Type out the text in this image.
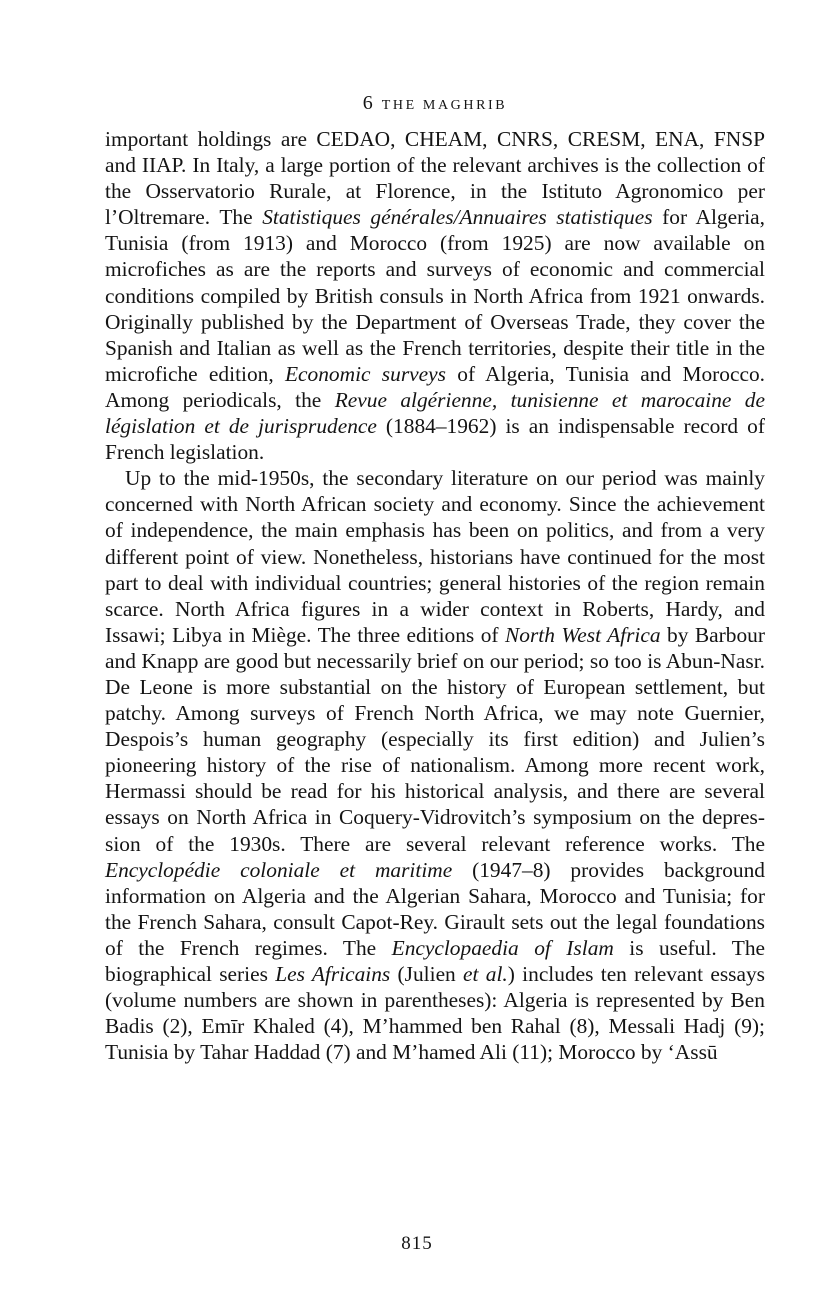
6 THE MAGHRIB

important holdings are CEDAO, CHEAM, CNRS, CRESM, ENA, FNSP and IIAP. In Italy, a large portion of the relevant archives is the collection of the Osservatorio Rurale, at Florence, in the Istituto Agronomico per l’Oltremare. The Statistiques générales/Annuaires statistiques for Algeria, Tunisia (from 1913) and Morocco (from 1925) are now available on microfiches as are the reports and surveys of economic and commercial conditions compiled by British consuls in North Africa from 1921 onwards. Originally published by the Department of Overseas Trade, they cover the Spanish and Italian as well as the French territories, despite their title in the microfiche edition, Economic surveys of Algeria, Tunisia and Morocco. Among periodicals, the Revue algérienne, tunisienne et marocaine de législation et de jurisprudence (1884–1962) is an indispensable record of French legislation.

Up to the mid-1950s, the secondary literature on our period was mainly concerned with North African society and economy. Since the achievement of independence, the main emphasis has been on politics, and from a very different point of view. Nonetheless, historians have continued for the most part to deal with individual countries; general histories of the region remain scarce. North Africa figures in a wider context in Roberts, Hardy, and Issawi; Libya in Miège. The three editions of North West Africa by Barbour and Knapp are good but necessarily brief on our period; so too is Abun-Nasr. De Leone is more substantial on the history of European settlement, but patchy. Among surveys of French North Africa, we may note Guernier, Despois’s human geography (especially its first edition) and Julien’s pioneering history of the rise of nationalism. Among more recent work, Hermassi should be read for his historical analysis, and there are several essays on North Africa in Coquery-Vidrovitch’s symposium on the depression of the 1930s. There are several relevant reference works. The Encyclopédie coloniale et maritime (1947–8) provides background information on Algeria and the Algerian Sahara, Morocco and Tunisia; for the French Sahara, consult Capot-Rey. Girault sets out the legal foundations of the French regimes. The Encyclopaedia of Islam is useful. The biographical series Les Africains (Julien et al.) includes ten relevant essays (volume numbers are shown in parentheses): Algeria is represented by Ben Badis (2), Emīr Khaled (4), M’hammed ben Rahal (8), Messali Hadj (9); Tunisia by Tahar Haddad (7) and M’hamed Ali (11); Morocco by ‘Assū

815
